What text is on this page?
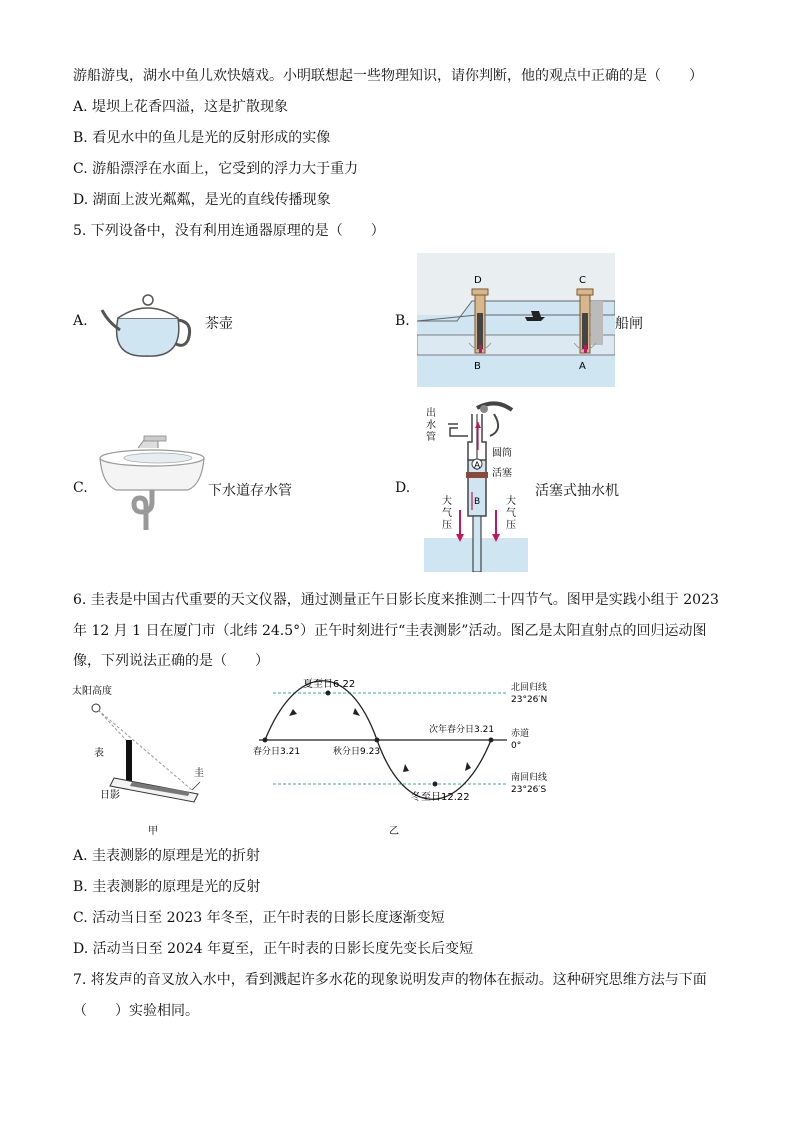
游船游曳，湖水中鱼儿欢快嬉戏。小明联想起一些物理知识，请你判断，他的观点中正确的是（　　）
A. 堤坝上花香四溢，这是扩散现象
B. 看见水中的鱼儿是光的反射形成的实像
C. 游船漂浮在水面上，它受到的浮力大于重力
D. 湖面上波光粼粼，是光的直线传播现象
5. 下列设备中，没有利用连通器原理的是（　　）
A.	茶壶	B.
D	C
B	A
船闸
C.	下水道存水管	D.
A
B
圆筒
活塞
出
水
管
大
气
压
大
气
压
活塞式抽水机
6. 圭表是中国古代重要的天文仪器，通过测量正午日影长度来推测二十四节气。图甲是实践小组于 2023
年 12 月 1 日在厦门市（北纬 24.5°）正午时刻进行“圭表测影”活动。图乙是太阳直射点的回归运动图
像，下列说法正确的是（　　）
太阳高度
表
圭
日影
甲
夏至日6.22	北回归线
23°26′N
次年春分日3.21 赤道
0°
春分日3.21	秋分日9.23
南回归线
23°26′S
冬至日12.22
乙
A. 圭表测影的原理是光的折射
B. 圭表测影的原理是光的反射
C. 活动当日至 2023 年冬至，正午时表的日影长度逐渐变短
D. 活动当日至 2024 年夏至，正午时表的日影长度先变长后变短
7. 将发声的音叉放入水中，看到溅起许多水花的现象说明发声的物体在振动。这种研究思维方法与下面
（　　）实验相同。
